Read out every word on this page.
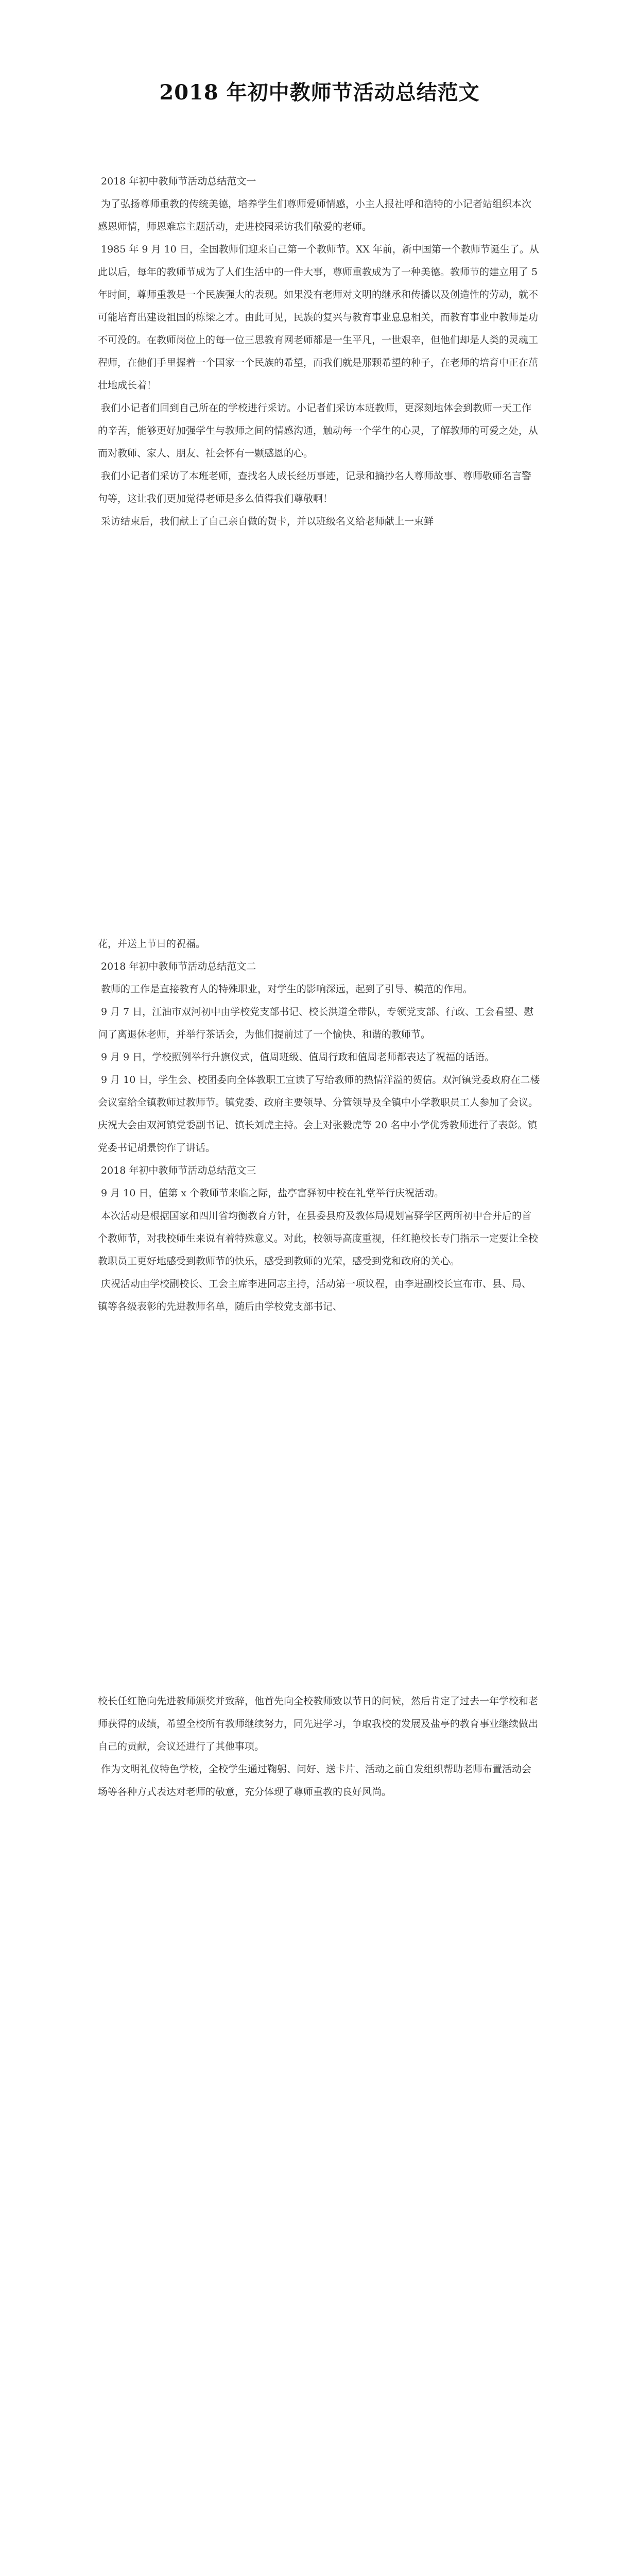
2018 年初中教师节活动总结范文

2018 年初中教师节活动总结范文一

为了弘扬尊师重教的传统美德，培养学生们尊师爱师情感，小主人报社呼和浩特的小记者站组织本次感恩师情，师恩难忘主题活动，走进校园采访我们敬爱的老师。

1985 年 9 月 10 日，全国教师们迎来自己第一个教师节。XX 年前，新中国第一个教师节诞生了。从此以后，每年的教师节成为了人们生活中的一件大事，尊师重教成为了一种美德。教师节的建立用了 5 年时间，尊师重教是一个民族强大的表现。如果没有老师对文明的继承和传播以及创造性的劳动，就不可能培育出建设祖国的栋梁之才。由此可见，民族的复兴与教育事业息息相关，而教育事业中教师是功不可没的。在教师岗位上的每一位三思教育网老师都是一生平凡，一世艰辛，但他们却是人类的灵魂工程师，在他们手里握着一个国家一个民族的希望，而我们就是那颗希望的种子，在老师的培育中正在茁壮地成长着！

我们小记者们回到自己所在的学校进行采访。小记者们采访本班教师，更深刻地体会到教师一天工作的辛苦，能够更好加强学生与教师之间的情感沟通，触动每一个学生的心灵，了解教师的可爱之处，从而对教师、家人、朋友、社会怀有一颗感恩的心。

我们小记者们采访了本班老师，查找名人成长经历事迹，记录和摘抄名人尊师故事、尊师敬师名言警句等，这让我们更加觉得老师是多么值得我们尊敬啊！

采访结束后，我们献上了自己亲自做的贺卡，并以班级名义给老师献上一束鲜

花，并送上节日的祝福。

2018 年初中教师节活动总结范文二

教师的工作是直接教育人的特殊职业，对学生的影响深远，起到了引导、模范的作用。

9 月 7 日，江油市双河初中由学校党支部书记、校长洪道全带队，专领党支部、行政、工会看望、慰问了离退休老师，并举行茶话会，为他们提前过了一个愉快、和谐的教师节。

9 月 9 日，学校照例举行升旗仪式，值周班级、值周行政和值周老师都表达了祝福的话语。

9 月 10 日，学生会、校团委向全体教职工宣读了写给教师的热情洋溢的贺信。双河镇党委政府在二楼会议室给全镇教师过教师节。镇党委、政府主要领导、分管领导及全镇中小学教职员工人参加了会议。庆祝大会由双河镇党委副书记、镇长刘虎主持。会上对张毅虎等 20 名中小学优秀教师进行了表彰。镇党委书记胡景钧作了讲话。

2018 年初中教师节活动总结范文三

9 月 10 日，值第 x 个教师节来临之际，盐亭富驿初中校在礼堂举行庆祝活动。

本次活动是根据国家和四川省均衡教育方针，在县委县府及教体局规划富驿学区两所初中合并后的首个教师节，对我校师生来说有着特殊意义。对此，校领导高度重视，任红艳校长专门指示一定要让全校教职员工更好地感受到教师节的快乐，感受到教师的光荣，感受到党和政府的关心。

庆祝活动由学校副校长、工会主席李进同志主持，活动第一项议程，由李进副校长宣布市、县、局、镇等各级表彰的先进教师名单，随后由学校党支部书记、

校长任红艳向先进教师颁奖并致辞，他首先向全校教师致以节日的问候，然后肯定了过去一年学校和老师获得的成绩，希望全校所有教师继续努力，同先进学习，争取我校的发展及盐亭的教育事业继续做出自己的贡献，会议还进行了其他事项。

作为文明礼仪特色学校，全校学生通过鞠躬、问好、送卡片、活动之前自发组织帮助老师布置活动会场等各种方式表达对老师的敬意，充分体现了尊师重教的良好风尚。
